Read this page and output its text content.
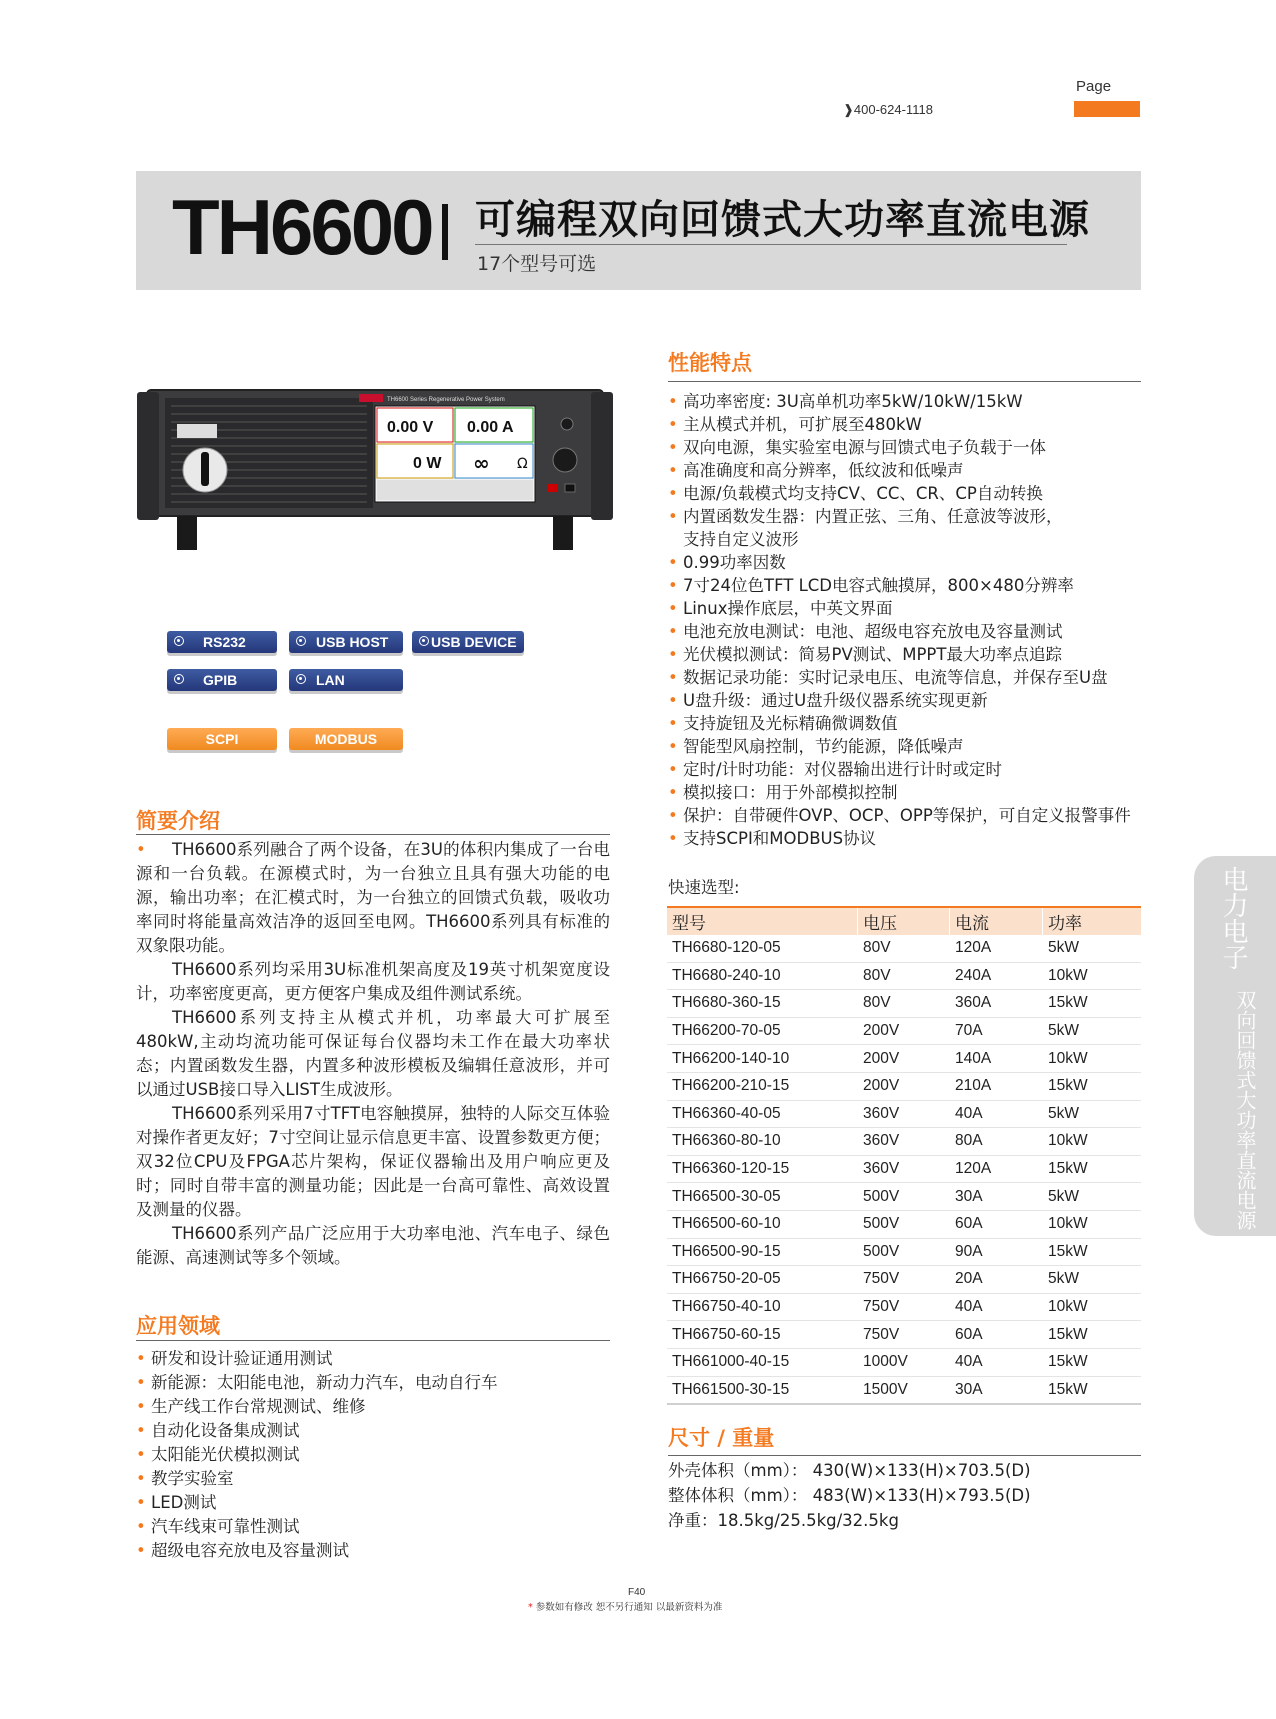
Page
❱400-624-1118
TH6600 可编程双向回馈式大功率直流电源
17个型号可选
TH6600 Series Regenerative Power System
0.00 V 0.00 A
0 W ∞ Ω
RS232	USB HOST	USB DEVICE
GPIB	LAN
SCPI	MODBUS
简要介绍

• TH6600系列融合了两个设备，在3U的体积内集成了一台电源和一台负载。在源模式时，为一台独立且具有强大功能的电源，输出功率；在汇模式时，为一台独立的回馈式负载，吸收功率同时将能量高效洁净的返回至电网。TH6600系列具有标准的双象限功能。

TH6600系列均采用3U标准机架高度及19英寸机架宽度设计，功率密度更高，更方便客户集成及组件测试系统。

TH6600系列支持主从模式并机，功率最大可扩展至480kW,主动均流功能可保证每台仪器均未工作在最大功率状态；内置函数发生器，内置多种波形模板及编辑任意波形，并可以通过USB接口导入LIST生成波形。

TH6600系列采用7寸TFT电容触摸屏，独特的人际交互体验对操作者更友好；7寸空间让显示信息更丰富、设置参数更方便；双32位CPU及FPGA芯片架构，保证仪器输出及用户响应更及时；同时自带丰富的测量功能；因此是一台高可靠性、高效设置及测量的仪器。

TH6600系列产品广泛应用于大功率电池、汽车电子、绿色能源、高速测试等多个领域。

应用领域
• 研发和设计验证通用测试
• 新能源：太阳能电池，新动力汽车，电动自行车
• 生产线工作台常规测试、维修
• 自动化设备集成测试
• 太阳能光伏模拟测试
• 教学实验室
• LED测试
• 汽车线束可靠性测试
• 超级电容充放电及容量测试
性能特点
• 高功率密度: 3U高单机功率5kW/10kW/15kW
• 主从模式并机，可扩展至480kW
• 双向电源，集实验室电源与回馈式电子负载于一体
• 高准确度和高分辨率，低纹波和低噪声
• 电源/负载模式均支持CV、CC、CR、CP自动转换
• 内置函数发生器：内置正弦、三角、任意波等波形，
支持自定义波形
• 0.99功率因数
• 7寸24位色TFT LCD电容式触摸屏，800×480分辨率
• Linux操作底层，中英文界面
• 电池充放电测试：电池、超级电容充放电及容量测试
• 光伏模拟测试：简易PV测试、MPPT最大功率点追踪
• 数据记录功能：实时记录电压、电流等信息，并保存至U盘
• U盘升级：通过U盘升级仪器系统实现更新
• 支持旋钮及光标精确微调数值
• 智能型风扇控制，节约能源，降低噪声
• 定时/计时功能：对仪器输出进行计时或定时
• 模拟接口：用于外部模拟控制
• 保护：自带硬件OVP、OCP、OPP等保护，可自定义报警事件
• 支持SCPI和MODBUS协议
快速选型:
型号	电压	电流	功率
TH6680-120-05	80V	120A	5kW
TH6680-240-10	80V	240A	10kW
TH6680-360-15	80V	360A	15kW
TH66200-70-05	200V	70A	5kW
TH66200-140-10	200V	140A	10kW
TH66200-210-15	200V	210A	15kW
TH66360-40-05	360V	40A	5kW
TH66360-80-10	360V	80A	10kW
TH66360-120-15	360V	120A	15kW
TH66500-30-05	500V	30A	5kW
TH66500-60-10	500V	60A	10kW
TH66500-90-15	500V	90A	15kW
TH66750-20-05	750V	20A	5kW
TH66750-40-10	750V	40A	10kW
TH66750-60-15	750V	60A	15kW
TH661000-40-15	1000V	40A	15kW
TH661500-30-15	1500V	30A	15kW
尺寸 / 重量
外壳体积（mm）： 430(W)×133(H)×703.5(D)
整体体积（mm）： 483(W)×133(H)×793.5(D)
净重：18.5kg/25.5kg/32.5kg
电力电子
双向回馈式大功率直流电源
F40
* 参数如有修改 恕不另行通知 以最新资料为准
